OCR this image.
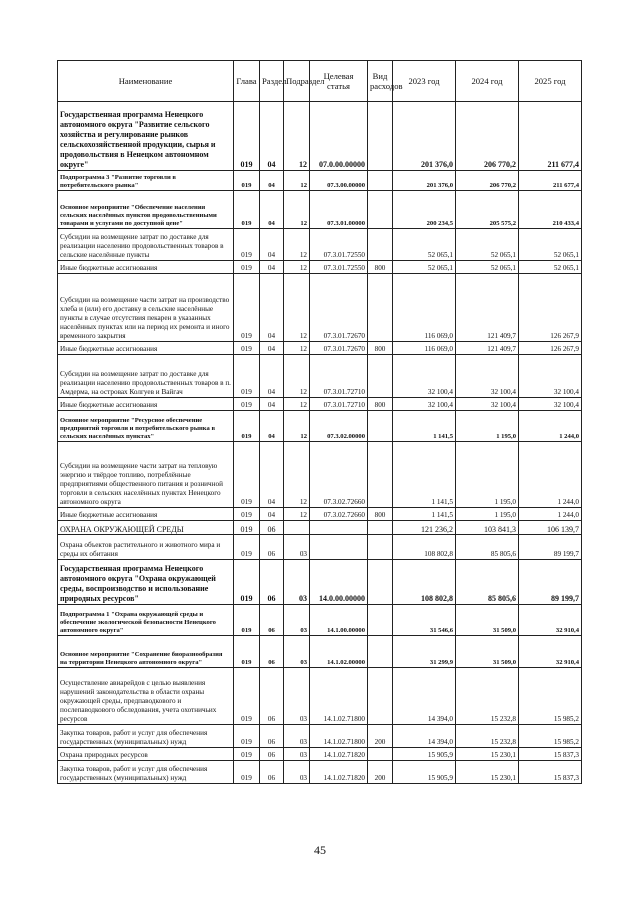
Наименование	Глава	Раздел	Подраздел	Целевая статья	Вид расходов	2023 год	2024 год	2025 год
Государственная программа Ненецкого автономного округа "Развитие сельского хозяйства и регулирование рынков сельскохозяйственной продукции, сырья и продовольствия в Ненецком автономном округе"	019	04	12	07.0.00.00000		201 376,0	206 770,2	211 677,4
Подпрограмма 3 "Развитие торговли в потребительского рынка"	019	04	12	07.3.00.00000		201 376,0	206 770,2	211 677,4
Основное мероприятие "Обеспечение населения сельских населённых пунктов продовольственными товарами и услугами по доступной цене"	019	04	12	07.3.01.00000		200 234,5	205 575,2	210 433,4
Субсидии на возмещение затрат по доставке для реализации населению продовольственных товаров в сельские населённые пункты	019	04	12	07.3.01.72550		52 065,1	52 065,1	52 065,1
Иные бюджетные ассигнования	019	04	12	07.3.01.72550	800	52 065,1	52 065,1	52 065,1
Субсидии на возмещение части затрат на производство хлеба и (или) его доставку в сельские населённые пункты в случае отсутствия пекарен в указанных населённых пунктах или на период их ремонта и иного временного закрытия	019	04	12	07.3.01.72670		116 069,0	121 409,7	126 267,9
Иные бюджетные ассигнования	019	04	12	07.3.01.72670	800	116 069,0	121 409,7	126 267,9
Субсидии на возмещение затрат по доставке для реализации населению продовольственных товаров в п. Амдерма, на островах Колгуев и Вайгач	019	04	12	07.3.01.72710		32 100,4	32 100,4	32 100,4
Иные бюджетные ассигнования	019	04	12	07.3.01.72710	800	32 100,4	32 100,4	32 100,4
Основное мероприятие "Ресурсное обеспечение предприятий торговли и потребительского рынка в сельских населённых пунктах"	019	04	12	07.3.02.00000		1 141,5	1 195,0	1 244,0
Субсидии на возмещение части затрат на тепловую энергию и твёрдое топливо, потреблённые предприятиями общественного питания и розничной торговли в сельских населённых пунктах Ненецкого автономного округа	019	04	12	07.3.02.72660		1 141,5	1 195,0	1 244,0
Иные бюджетные ассигнования	019	04	12	07.3.02.72660	800	1 141,5	1 195,0	1 244,0
ОХРАНА ОКРУЖАЮЩЕЙ СРЕДЫ	019	06				121 236,2	103 841,3	106 139,7
Охрана объектов растительного и животного мира и среды их обитания	019	06	03			108 802,8	85 805,6	89 199,7
Государственная программа Ненецкого автономного округа "Охрана окружающей среды, воспроизводство и использование природных ресурсов"	019	06	03	14.0.00.00000		108 802,8	85 805,6	89 199,7
Подпрограмма 1 "Охрана окружающей среды и обеспечение экологической безопасности Ненецкого автономного округа"	019	06	03	14.1.00.00000		31 546,6	31 509,0	32 910,4
Основное мероприятие "Сохранение биоразнообразия на территории Ненецкого автономного округа"	019	06	03	14.1.02.00000		31 299,9	31 509,0	32 910,4
Осуществление авиарейдов с целью выявления нарушений законодательства в области охраны окружающей среды, предпаводкового и послепаводкового обследования, учета охотничьих ресурсов	019	06	03	14.1.02.71800		14 394,0	15 232,8	15 985,2
Закупка товаров, работ и услуг для обеспечения государственных (муниципальных) нужд	019	06	03	14.1.02.71800	200	14 394,0	15 232,8	15 985,2
Охрана природных ресурсов	019	06	03	14.1.02.71820		15 905,9	15 230,1	15 837,3
Закупка товаров, работ и услуг для обеспечения государственных (муниципальных) нужд	019	06	03	14.1.02.71820	200	15 905,9	15 230,1	15 837,3
45
